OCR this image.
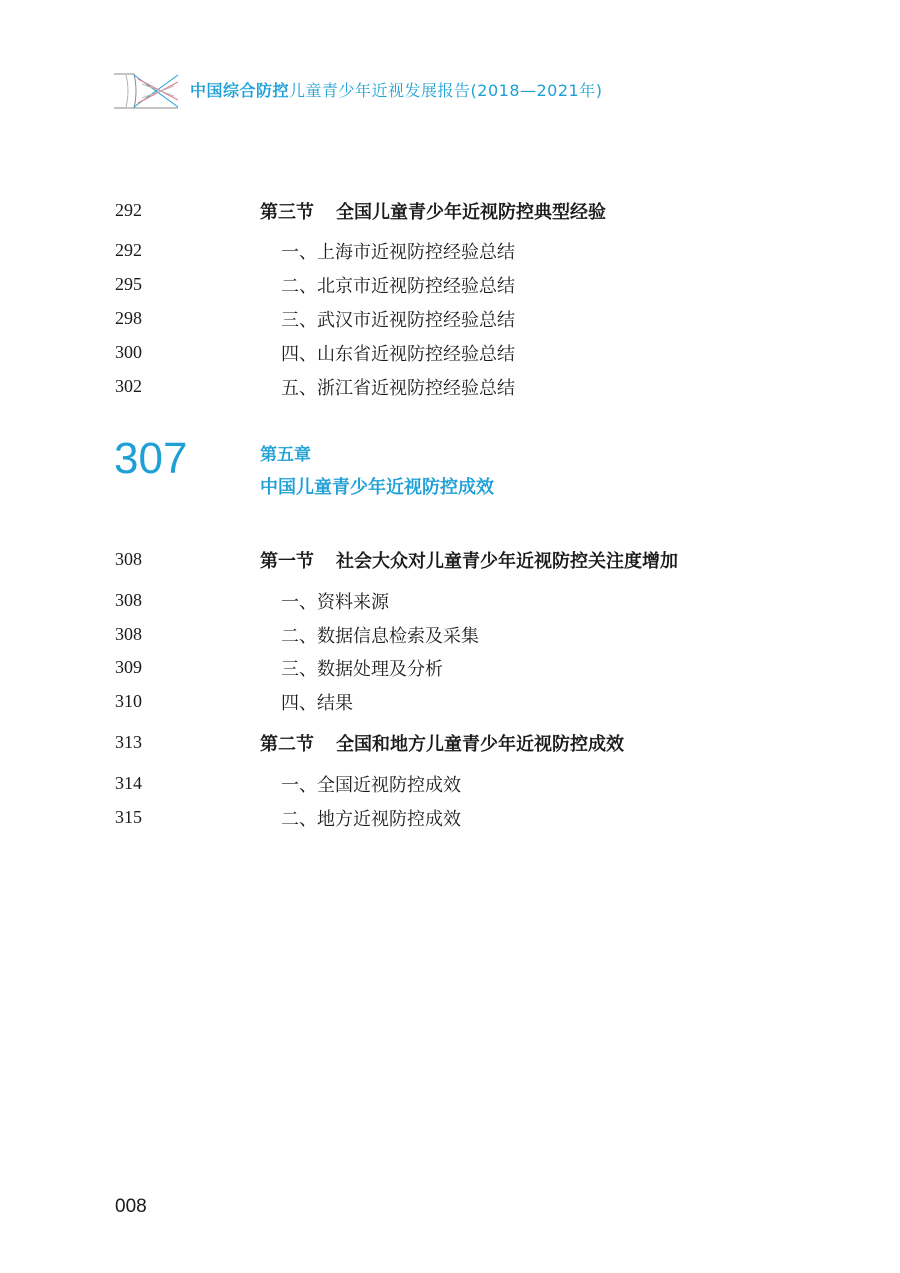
中国综合防控儿童青少年近视发展报告(2018—2021年)
292	第三节 全国儿童青少年近视防控典型经验
292	一、上海市近视防控经验总结
295	二、北京市近视防控经验总结
298	三、武汉市近视防控经验总结
300	四、山东省近视防控经验总结
302	五、浙江省近视防控经验总结
307	第五章
中国儿童青少年近视防控成效
308	第一节 社会大众对儿童青少年近视防控关注度增加
308	一、资料来源
308	二、数据信息检索及采集
309	三、数据处理及分析
310	四、结果
313	第二节 全国和地方儿童青少年近视防控成效
314	一、全国近视防控成效
315	二、地方近视防控成效
008
